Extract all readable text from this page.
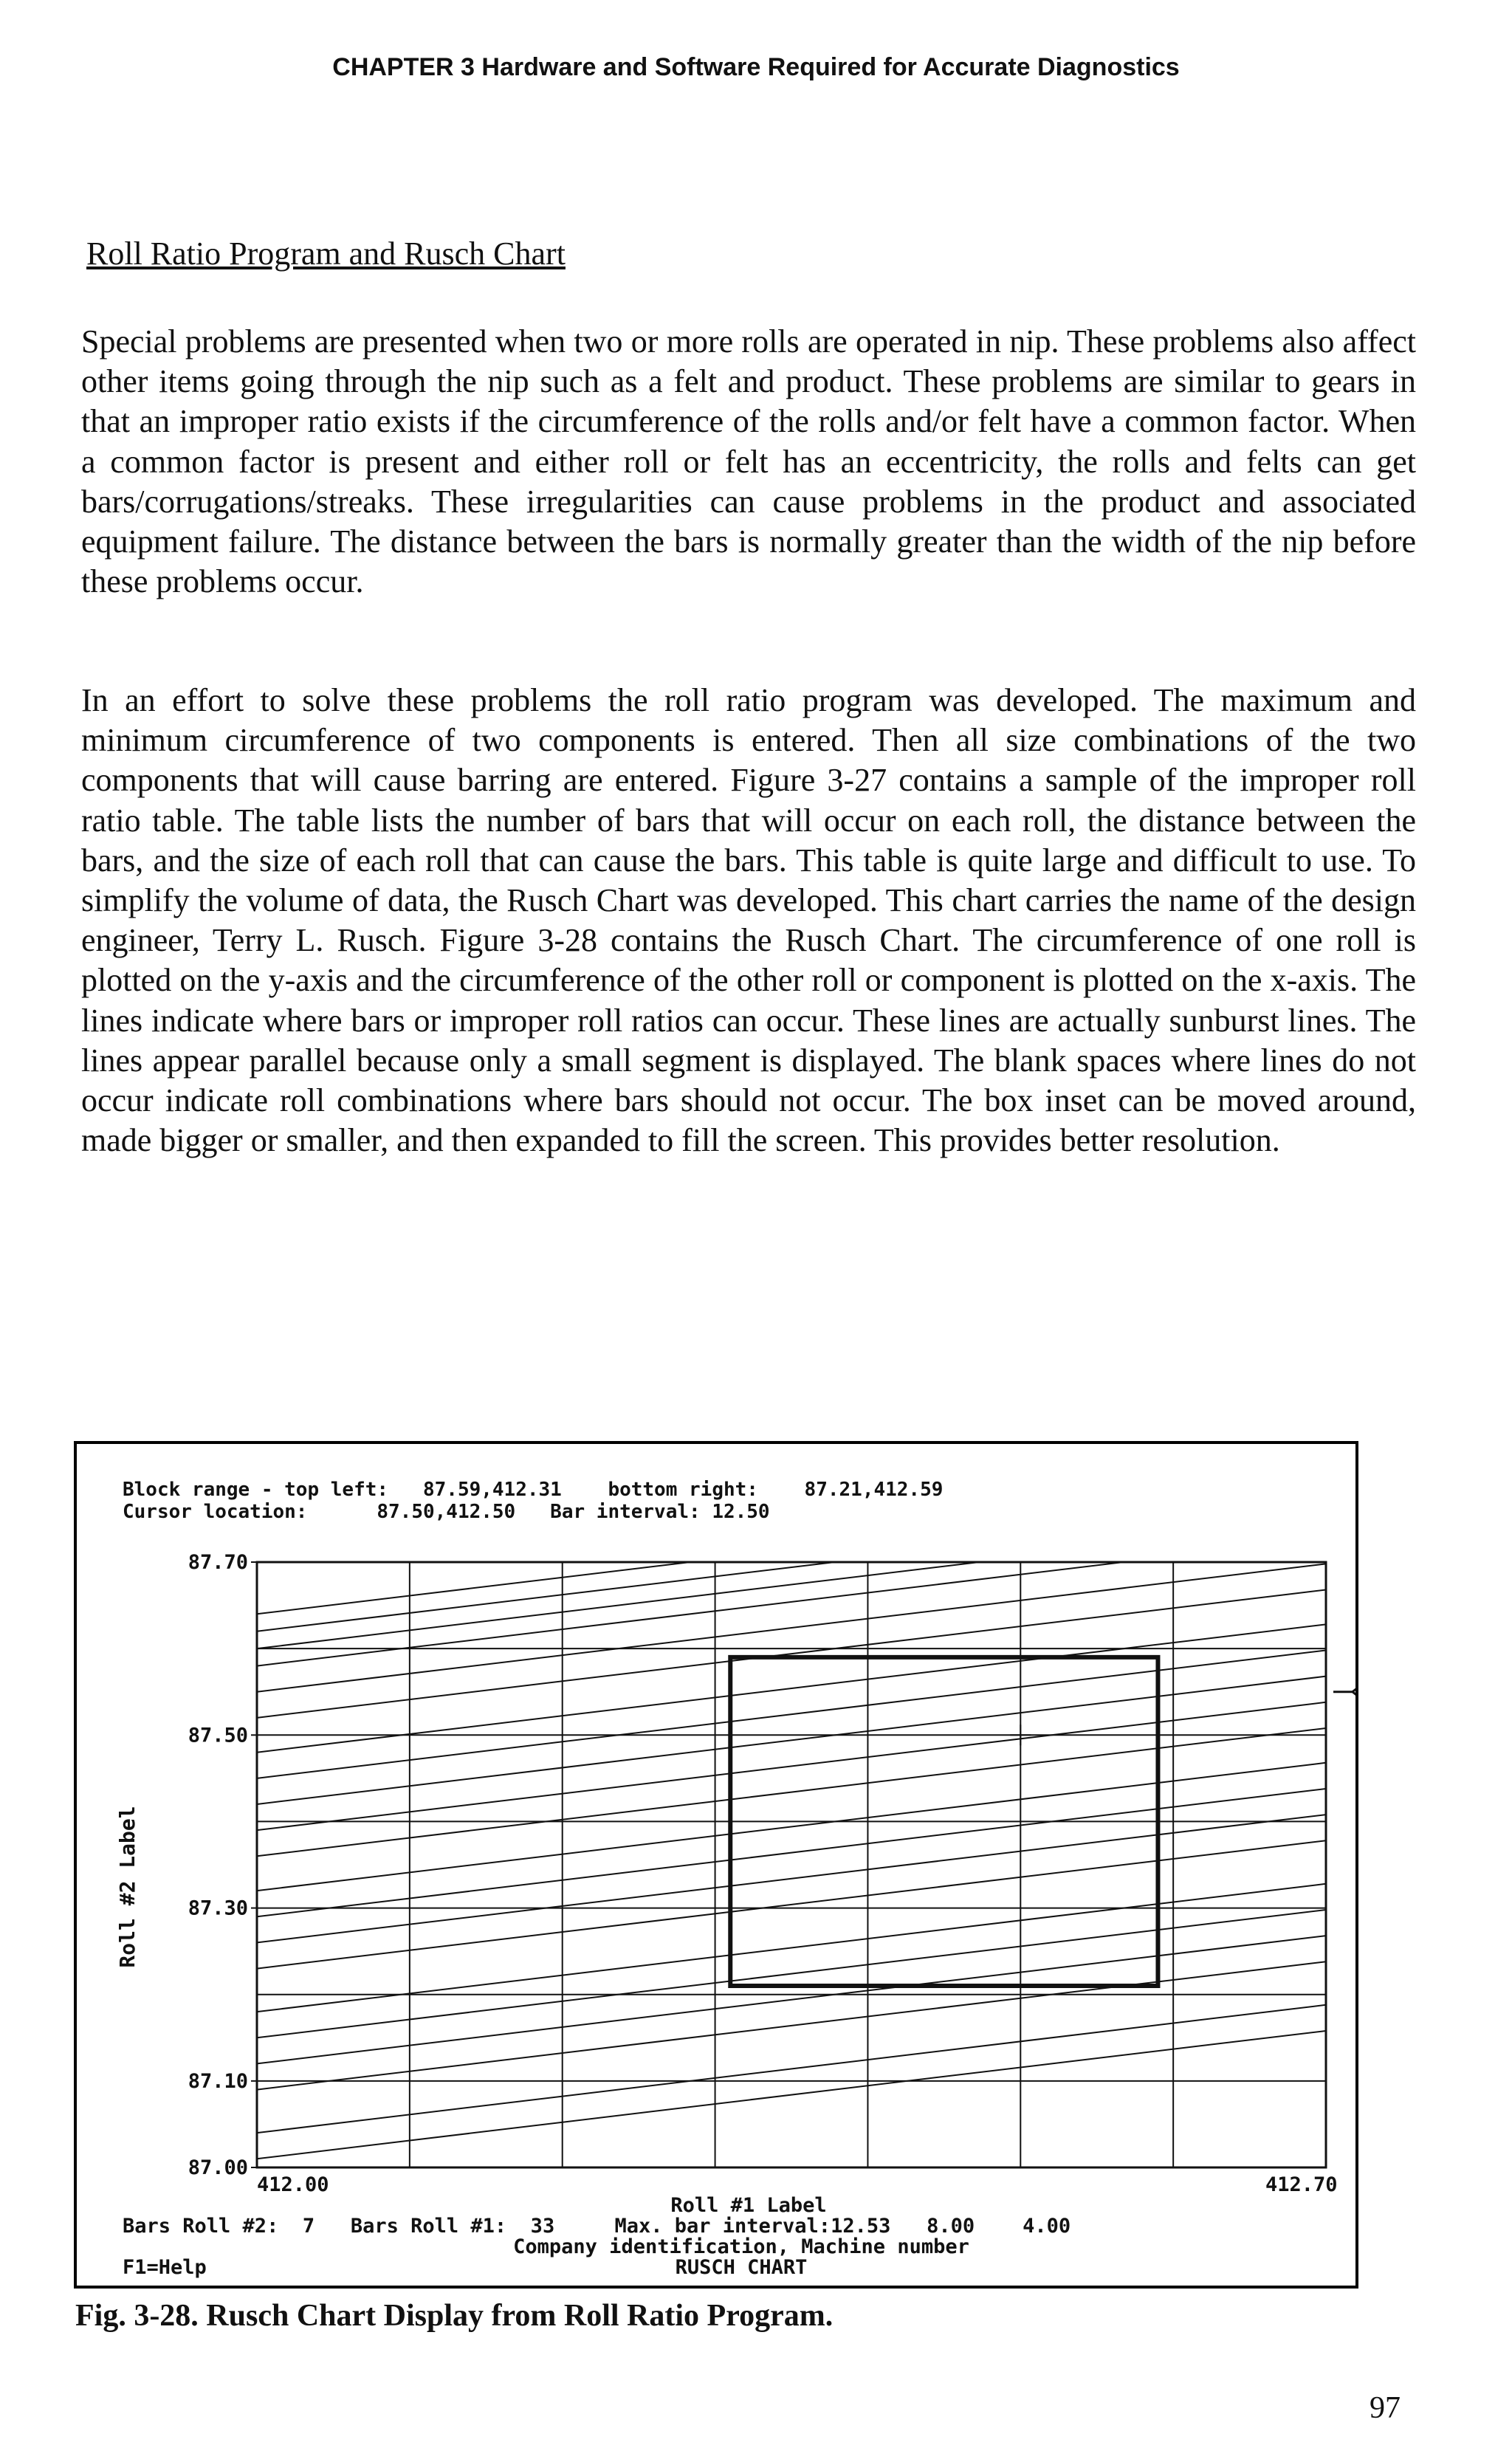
CHAPTER 3 Hardware and Software Required for Accurate Diagnostics
Roll Ratio Program and Rusch Chart

Special problems are presented when two or more rolls are operated in nip. These problems also affect other items going through the nip such as a felt and product. These problems are similar to gears in that an improper ratio exists if the circumference of the rolls and/or felt have a common factor. When a common factor is present and either roll or felt has an eccentricity, the rolls and felts can get bars/corrugations/streaks. These irregularities can cause problems in the product and associated equipment failure. The distance between the bars is normally greater than the width of the nip before these problems occur.

In an effort to solve these problems the roll ratio program was developed. The maximum and minimum circumference of two components is entered. Then all size combinations of the two components that will cause barring are entered. Figure 3-27 contains a sample of the improper roll ratio table. The table lists the number of bars that will occur on each roll, the distance between the bars, and the size of each roll that can cause the bars. This table is quite large and difficult to use. To simplify the volume of data, the Rusch Chart was developed. This chart carries the name of the design engineer, Terry L. Rusch. Figure 3-28 contains the Rusch Chart. The circumference of one roll is plotted on the y-axis and the circumference of the other roll or component is plotted on the x-axis. The lines indicate where bars or improper roll ratios can occur. These lines are actually sunburst lines. The lines appear parallel because only a small segment is displayed. The blank spaces where lines do not occur indicate roll combinations where bars should not occur. The box inset can be moved around, made bigger or smaller, and then expanded to fill the screen. This provides better resolution.

Block range - top left:   87.59,412.31    bottom right:    87.21,412.59
Cursor location:      87.50,412.50   Bar interval: 12.50
87.70
87.50
87.30
87.10
87.00
Roll #2 Label
412.00	412.70
Roll #1 Label
Bars Roll #2:  7   Bars Roll #1:  33     Max. bar interval:12.53   8.00    4.00
Company identification, Machine number
F1=Help	RUSCH CHART
Fig. 3-28. Rusch Chart Display from Roll Ratio Program.
97
